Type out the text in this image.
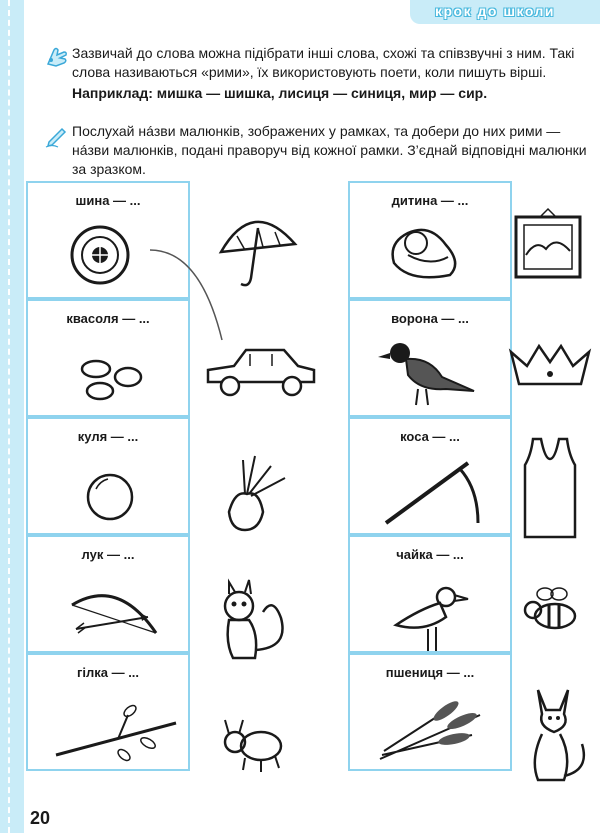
крок до школи
Зазвичай до слова можна підібрати інші слова, схожі та співзвучні з ним. Такі слова називаються «рими», їх використовують поети, коли пишуть вірші.
Наприклад: мишка — шишка, лисиця — синиця, мир — сир.
Послухай нáзви малюнків, зображених у рамках, та добери до них рими — нáзви малюнків, подані праворуч від кожної рамки. З’єднай відповідні малюнки за зразком.
шина — ...
квасоля — ...
куля — ...
лук — ...
гілка — ...
дитина — ...
ворона — ...
коса — ...
чайка — ...
пшениця — ...
20
